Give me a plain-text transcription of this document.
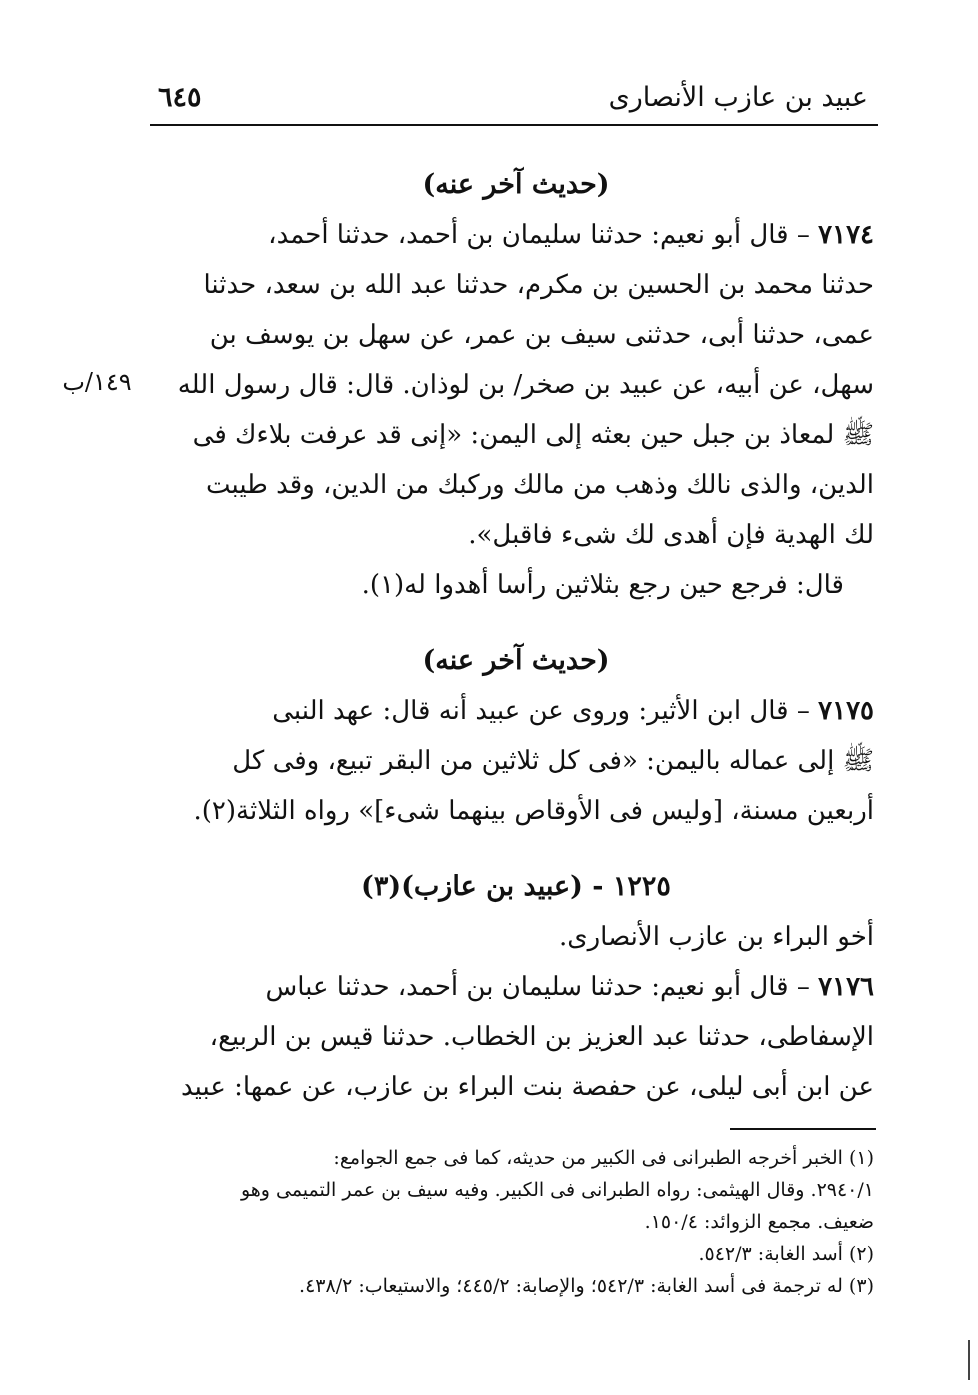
عبيد بن عازب الأنصارى
٦٤٥
١٤٩/ب

(حديث آخر عنه)

٧١٧٤ – قال أبو نعيم: حدثنا سليمان بن أحمد، حدثنا أحمد،

حدثنا محمد بن الحسين بن مكرم، حدثنا عبد الله بن سعد، حدثنا

عمى، حدثنا أبى، حدثنى سيف بن عمر، عن سهل بن يوسف بن

سهل، عن أبيه، عن عبيد بن صخر/ بن لوذان. قال: قال رسول الله

ﷺ لمعاذ بن جبل حين بعثه إلى اليمن: «إنى قد عرفت بلاءك فى

الدين، والذى نالك وذهب من مالك وركبك من الدين، وقد طيبت

لك الهدية فإن أهدى لك شىء فاقبل».

قال: فرجع حين رجع بثلاثين رأسا أهدوا له(١).

(حديث آخر عنه)

٧١٧٥ – قال ابن الأثير: وروى عن عبيد أنه قال: عهد النبى

ﷺ إلى عماله باليمن: «فى كل ثلاثين من البقر تبيع، وفى كل

أربعين مسنة، [وليس فى الأوقاص بينهما شىء]» رواه الثلاثة(٢).

١٢٢٥ - (عبيد بن عازب)(٣)

أخو البراء بن عازب الأنصارى.

٧١٧٦ – قال أبو نعيم: حدثنا سليمان بن أحمد، حدثنا عباس

الإسفاطى، حدثنا عبد العزيز بن الخطاب. حدثنا قيس بن الربيع،

عن ابن أبى ليلى، عن حفصة بنت البراء بن عازب، عن عمها: عبيد

(١) الخبر أخرجه الطبرانى فى الكبير من حديثه، كما فى جمع الجوامع:

٢٩٤٠/١. وقال الهيثمى: رواه الطبرانى فى الكبير. وفيه سيف بن عمر التميمى وهو

ضعيف. مجمع الزوائد: ١٥٠/٤.

(٢) أسد الغابة: ٥٤٢/٣.

(٣) له ترجمة فى أسد الغابة: ٥٤٢/٣؛ والإصابة: ٤٤٥/٢؛ والاستيعاب: ٤٣٨/٢.
